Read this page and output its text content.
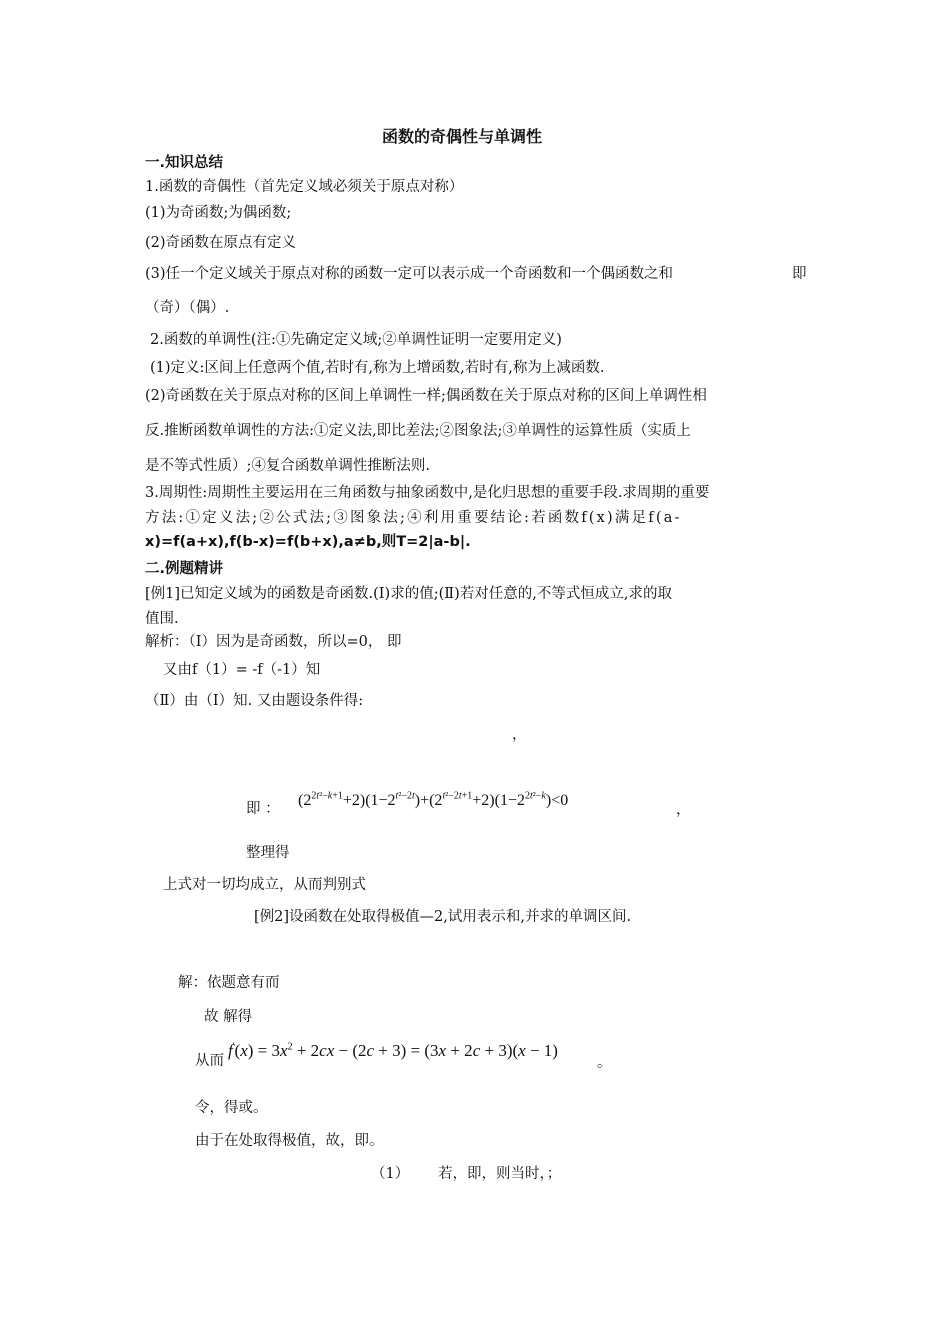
函数的奇偶性与单调性
一.知识总结
1.函数的奇偶性（首先定义域必须关于原点对称）
(1)为奇函数;为偶函数;
(2)奇函数在原点有定义
(3)任一个定义域关于原点对称的函数一定可以表示成一个奇函数和一个偶函数之和	即
（奇）（偶）.
2.函数的单调性(注:①先确定定义域;②单调性证明一定要用定义)
(1)定义:区间上任意两个值,若时有,称为上增函数,若时有,称为上减函数.
(2)奇函数在关于原点对称的区间上单调性一样;偶函数在关于原点对称的区间上单调性相
反.推断函数单调性的方法:①定义法,即比差法;②图象法;③单调性的运算性质（实质上
是不等式性质）;④复合函数单调性推断法则.
3.周期性:周期性主要运用在三角函数与抽象函数中,是化归思想的重要手段.求周期的重要
方法:①定义法;②公式法;③图象法;④利用重要结论:若函数f(x)满足f(a-
x)=f(a+x),f(b-x)=f(b+x),a≠b,则T=2|a-b|.
二.例题精讲
[例1]已知定义域为的函数是奇函数.(Ⅰ)求的值;(Ⅱ)若对任意的,不等式恒成立,求的取
值围.
解析：（Ⅰ）因为是奇函数，所以=0， 即
又由f（1）= -f（-1）知
（Ⅱ）由（Ⅰ）知. 又由题设条件得:
，
即 ： $(2^{2t^2-k+1}+2)(1-2^{t^2-2t})+(2^{t^2-2t+1}+2)(1-2^{2t^2-k})<0$
，
整理得
上式对一切均成立，从而判别式
[例2]设函数在处取得极值—2,试用表示和,并求的单调区间.
解：依题意有而
故 解得
从而
$f'(x) = 3x^2 + 2cx - (2c + 3) = (3x + 2c + 3)(x - 1)$
。
令，得或。
由于在处取得极值，故，即。
（1） 若，即，则当时，；
